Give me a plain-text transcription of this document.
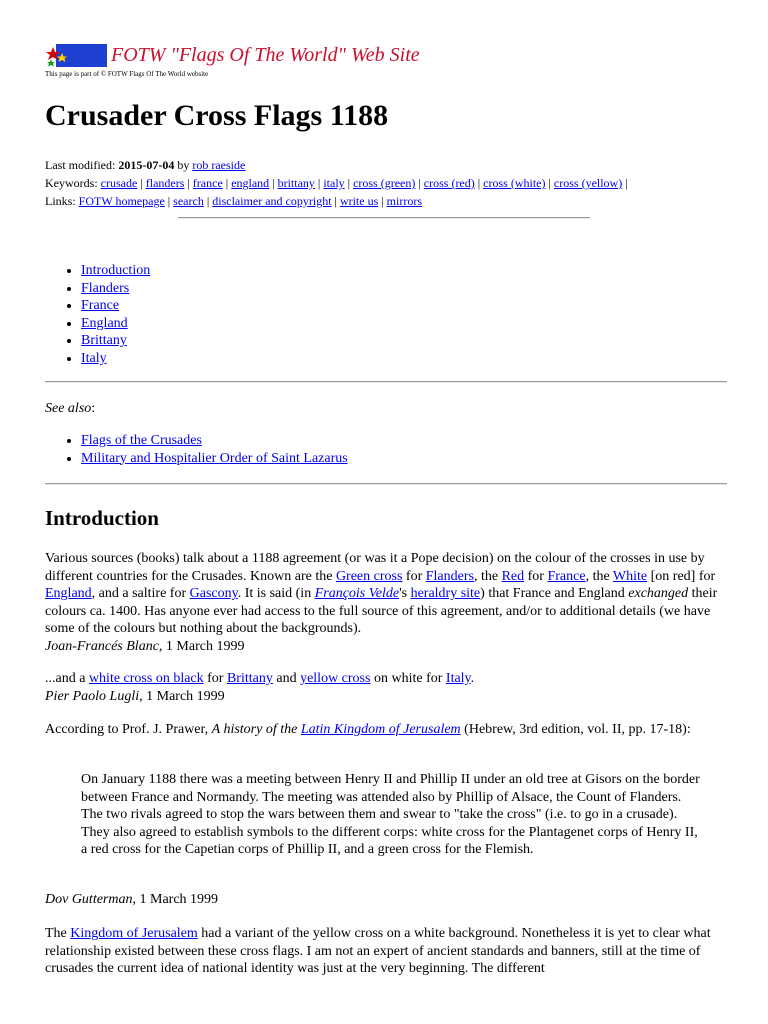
FOTW "Flags Of The World" Web Site
This page is part of © FOTW Flags Of The World website
Crusader Cross Flags 1188
Last modified: 2015-07-04 by rob raeside
Keywords: crusade | flanders | france | england | brittany | italy | cross (green) | cross (red) | cross (white) | cross (yellow) |
Links: FOTW homepage | search | disclaimer and copyright | write us | mirrors
• Introduction
• Flanders
• France
• England
• Brittany
• Italy
See also:
• Flags of the Crusades
• Military and Hospitalier Order of Saint Lazarus
Introduction

Various sources (books) talk about a 1188 agreement (or was it a Pope decision) on the colour of the crosses in use by different countries for the Crusades. Known are the Green cross for Flanders, the Red for France, the White [on red] for England, and a saltire for Gascony. It is said (in François Velde's heraldry site) that France and England exchanged their colours ca. 1400. Has anyone ever had access to the full source of this agreement, and/or to additional details (we have some of the colours but nothing about the backgrounds).
Joan-Francés Blanc, 1 March 1999

...and a white cross on black for Brittany and yellow cross on white for Italy.
Pier Paolo Lugli, 1 March 1999

According to Prof. J. Prawer, A history of the Latin Kingdom of Jerusalem (Hebrew, 3rd edition, vol. II, pp. 17-18):

On January 1188 there was a meeting between Henry II and Phillip II under an old tree at Gisors on the border between France and Normandy. The meeting was attended also by Phillip of Alsace, the Count of Flanders. The two rivals agreed to stop the wars between them and swear to "take the cross" (i.e. to go in a crusade). They also agreed to establish symbols to the different corps: white cross for the Plantagenet corps of Henry II, a red cross for the Capetian corps of Phillip II, and a green cross for the Flemish.

Dov Gutterman, 1 March 1999

The Kingdom of Jerusalem had a variant of the yellow cross on a white background. Nonetheless it is yet to clear what relationship existed between these cross flags. I am not an expert of ancient standards and banners, still at the time of crusades the current idea of national identity was just at the very beginning. The different
